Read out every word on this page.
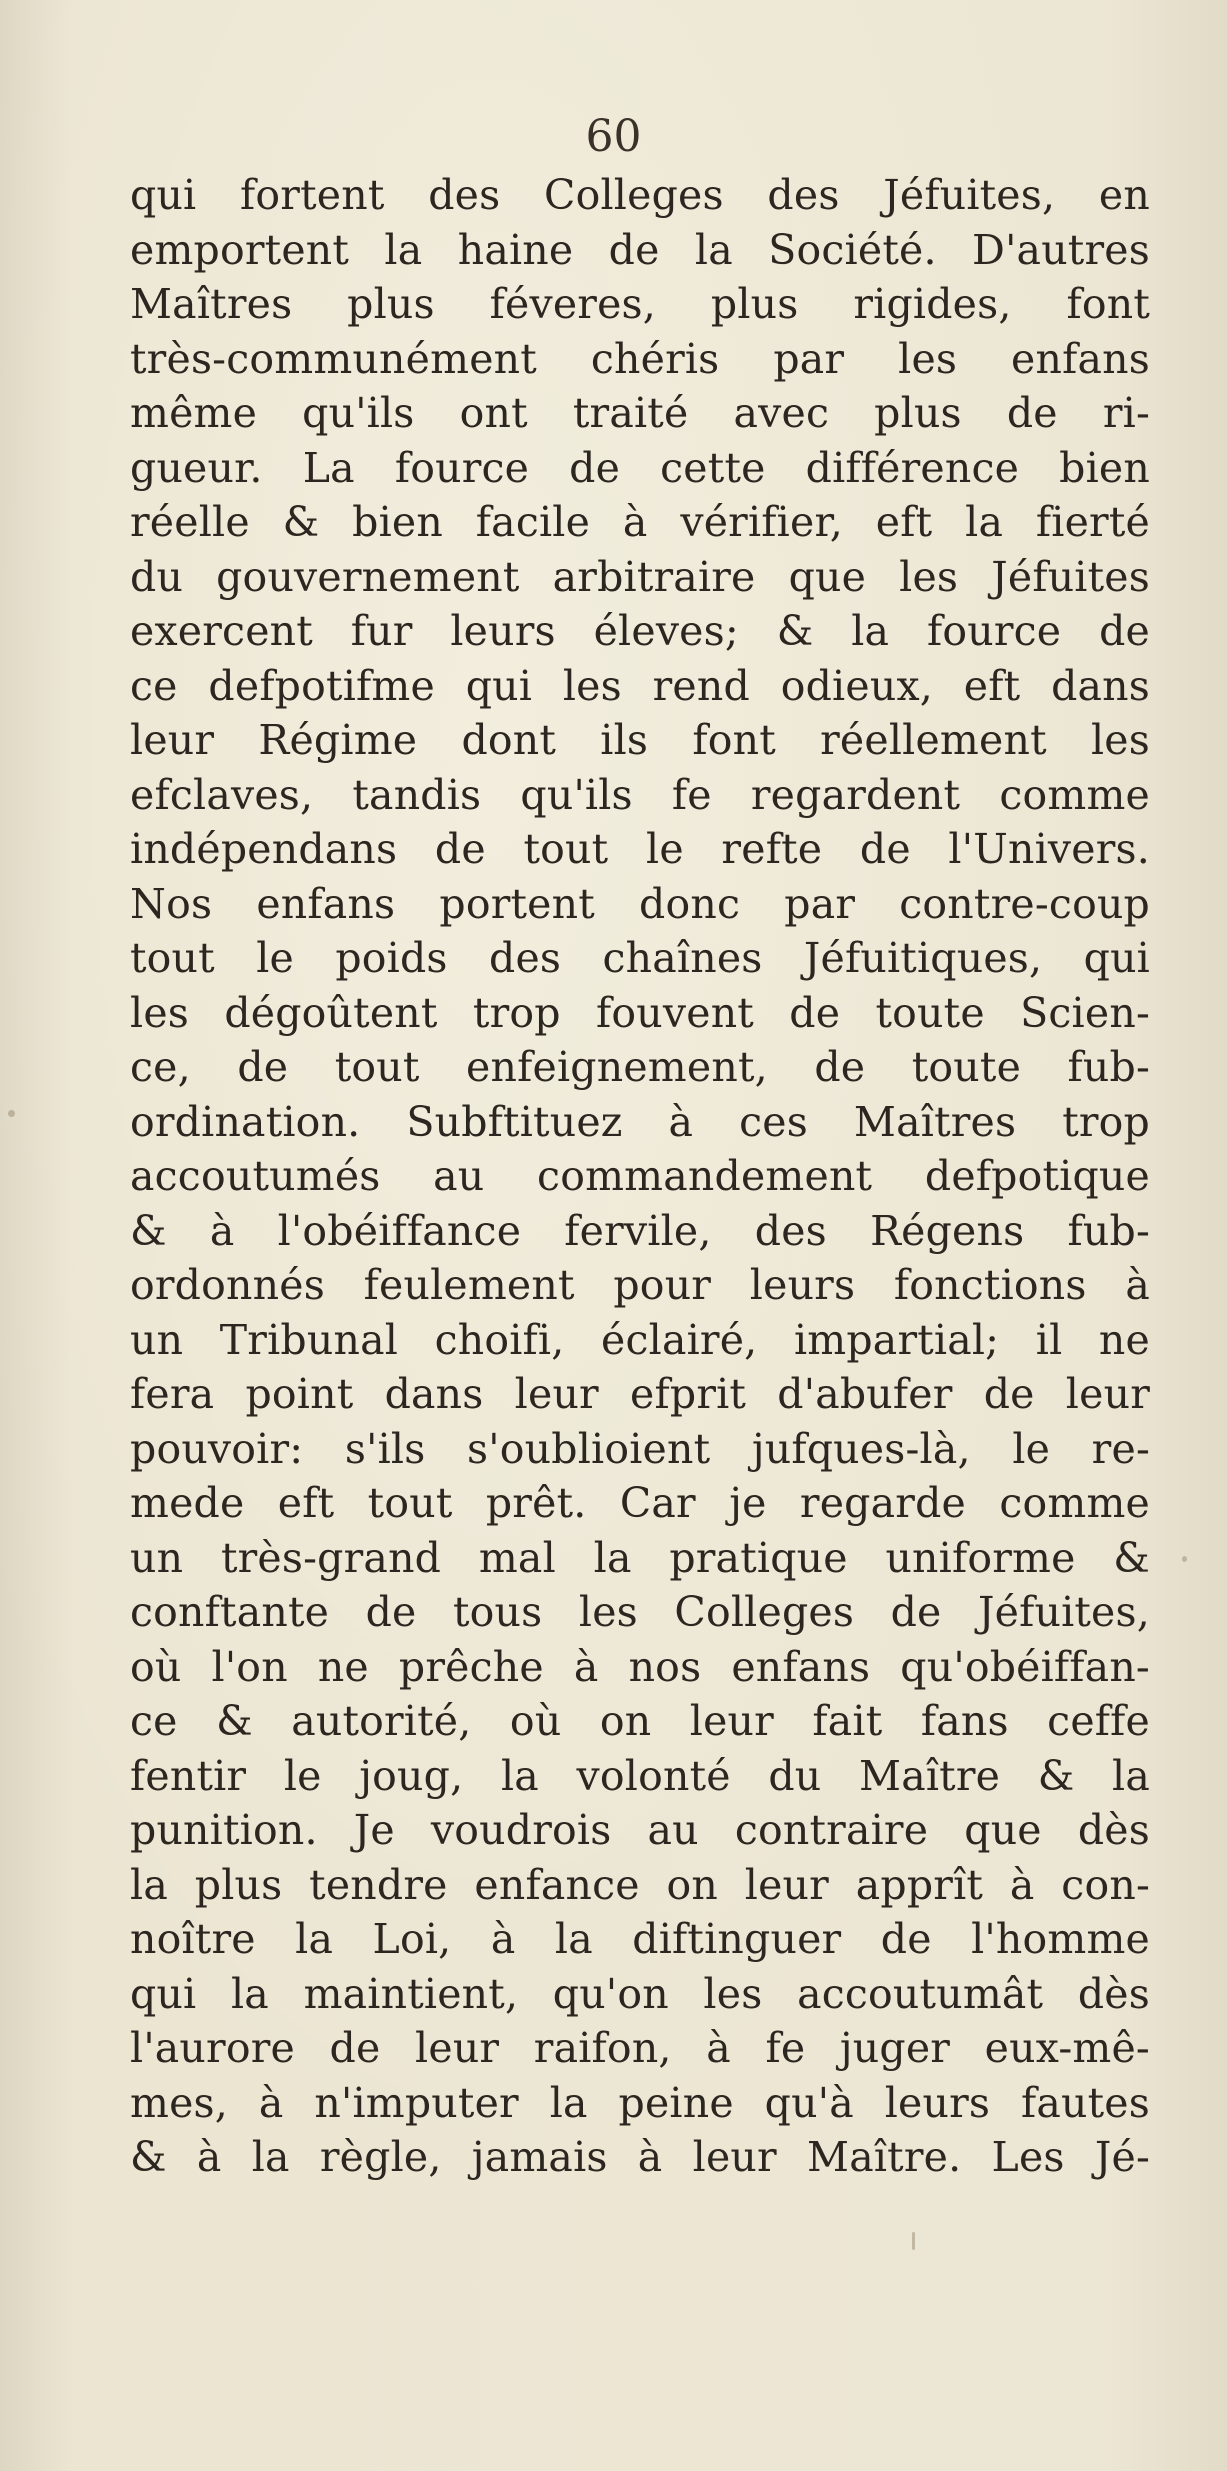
60
qui fortent des Colleges des Jéfuites, en
emportent la haine de la Société. D'autres
Maîtres plus féveres, plus rigides, font
très-communément chéris par les enfans
même qu'ils ont traité avec plus de ri-
gueur. La fource de cette différence bien
réelle & bien facile à vérifier, eft la fierté
du gouvernement arbitraire que les Jéfuites
exercent fur leurs éleves; & la fource de
ce defpotifme qui les rend odieux, eft dans
leur Régime dont ils font réellement les
efclaves, tandis qu'ils fe regardent comme
indépendans de tout le refte de l'Univers.
Nos enfans portent donc par contre-coup
tout le poids des chaînes Jéfuitiques, qui
les dégoûtent trop fouvent de toute Scien-
ce, de tout enfeignement, de toute fub-
ordination. Subftituez à ces Maîtres trop
accoutumés au commandement defpotique
& à l'obéiffance fervile, des Régens fub-
ordonnés feulement pour leurs fonctions à
un Tribunal choifi, éclairé, impartial; il ne
fera point dans leur efprit d'abufer de leur
pouvoir: s'ils s'oublioient jufques-là, le re-
mede eft tout prêt. Car je regarde comme
un très-grand mal la pratique uniforme &
conftante de tous les Colleges de Jéfuites,
où l'on ne prêche à nos enfans qu'obéiffan-
ce & autorité, où on leur fait fans ceffe
fentir le joug, la volonté du Maître & la
punition. Je voudrois au contraire que dès
la plus tendre enfance on leur apprît à con-
noître la Loi, à la diftinguer de l'homme
qui la maintient, qu'on les accoutumât dès
l'aurore de leur raifon, à fe juger eux-mê-
mes, à n'imputer la peine qu'à leurs fautes
& à la règle, jamais à leur Maître. Les Jé-
